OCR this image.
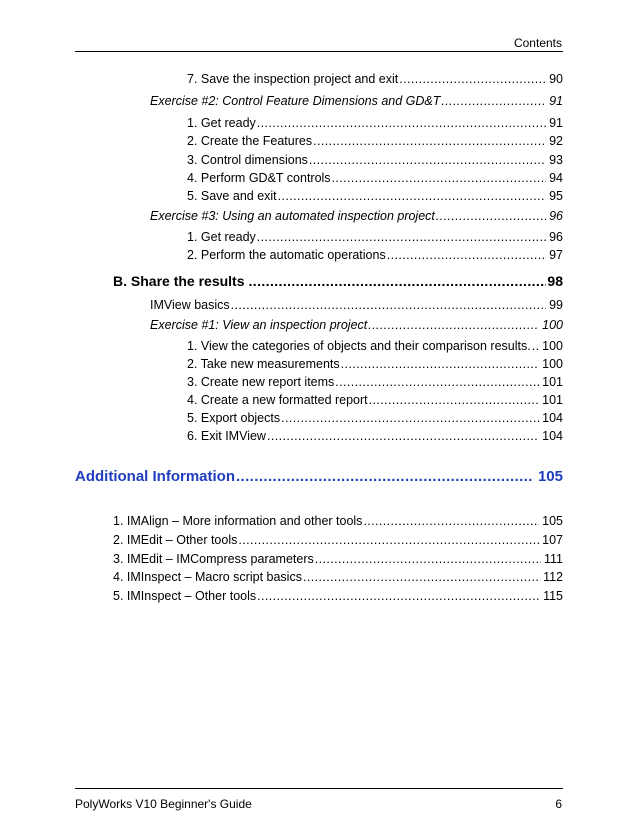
Contents
7. Save the inspection project and exit .....	90
Exercise #2: Control Feature Dimensions and GD&T .....	91
1. Get ready .....	91
2. Create the Features .....	92
3. Control dimensions .....	93
4. Perform GD&T controls .....	94
5. Save and exit .....	95
Exercise #3: Using an automated inspection project .....	96
1. Get ready .....	96
2. Perform the automatic operations .....	97
B. Share the results .....	98
IMView basics .....	99
Exercise #1: View an inspection project .....	100
1. View the categories of objects and their comparison results. ..... 100
2. Take new measurements .....	100
3. Create new report items .....	101
4. Create a new formatted report .....	101
5. Export objects .....	104
6. Exit IMView .....	104
Additional Information .....	105
1. IMAlign – More information and other tools .....	105
2. IMEdit – Other tools .....	107
3. IMEdit – IMCompress parameters .....	111
4. IMInspect – Macro script basics .....	112
5. IMInspect – Other tools .....	115
PolyWorks V10 Beginner's Guide	6
